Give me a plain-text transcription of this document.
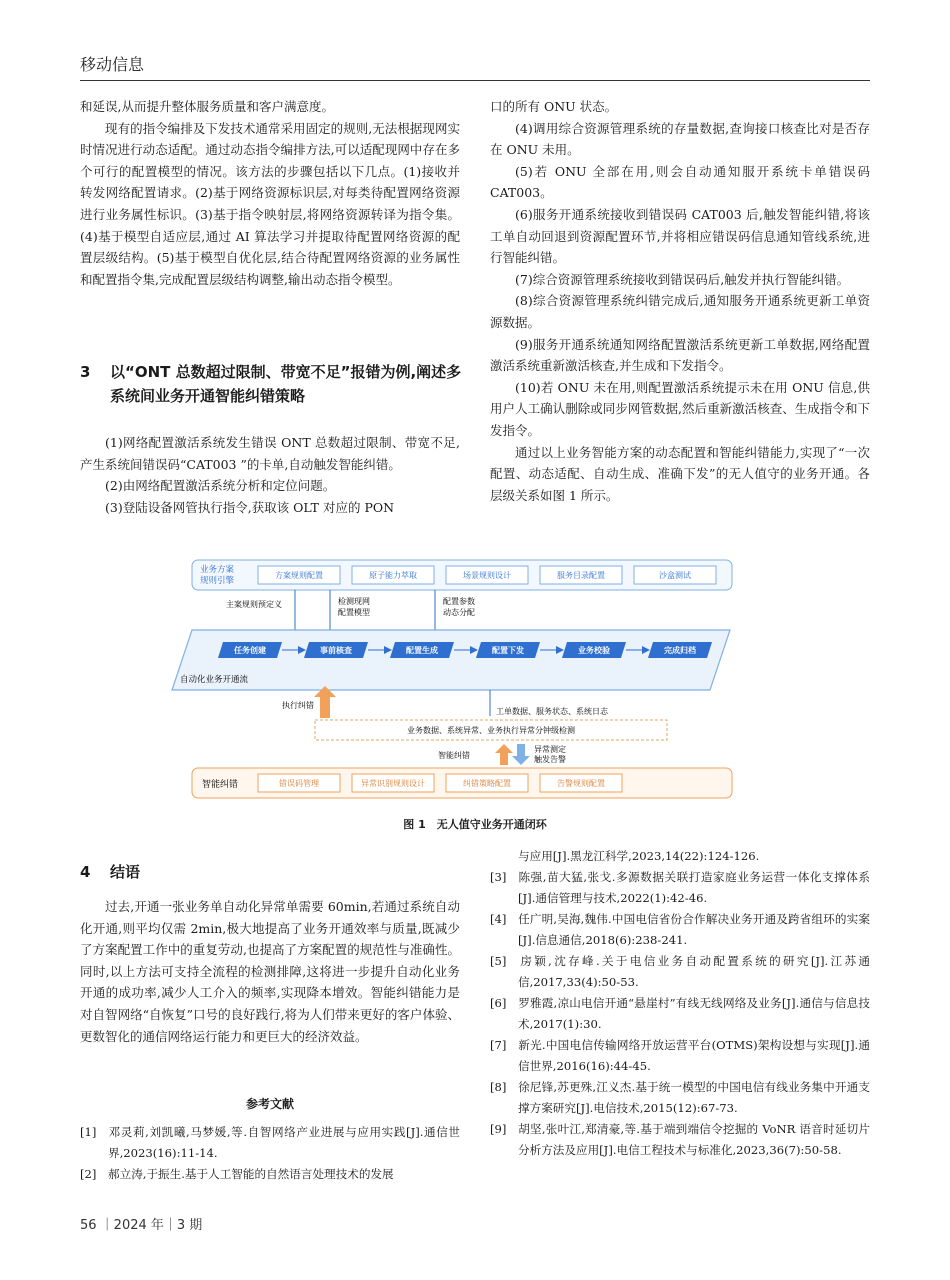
移动信息

和延误,从而提升整体服务质量和客户满意度。

现有的指令编排及下发技术通常采用固定的规则,无法根据现网实时情况进行动态适配。通过动态指令编排方法,可以适配现网中存在多个可行的配置模型的情况。该方法的步骤包括以下几点。(1)接收并转发网络配置请求。(2)基于网络资源标识层,对每类待配置网络资源进行业务属性标识。(3)基于指令映射层,将网络资源转译为指令集。(4)基于模型自适应层,通过 AI 算法学习并提取待配置网络资源的配置层级结构。(5)基于模型自优化层,结合待配置网络资源的业务属性和配置指令集,完成配置层级结构调整,输出动态指令模型。

3	以“ONT 总数超过限制、带宽不足”报错为例,阐述多系统间业务开通智能纠错策略

(1)网络配置激活系统发生错误 ONT 总数超过限制、带宽不足,产生系统间错误码“CAT003 ”的卡单,自动触发智能纠错。

(2)由网络配置激活系统分析和定位问题。

(3)登陆设备网管执行指令,获取该 OLT 对应的 PON

口的所有 ONU 状态。

(4)调用综合资源管理系统的存量数据,查询接口核查比对是否存在 ONU 未用。

(5)若 ONU 全部在用,则会自动通知服开系统卡单错误码 CAT003。

(6)服务开通系统接收到错误码 CAT003 后,触发智能纠错,将该工单自动回退到资源配置环节,并将相应错误码信息通知管线系统,进行智能纠错。

(7)综合资源管理系统接收到错误码后,触发并执行智能纠错。

(8)综合资源管理系统纠错完成后,通知服务开通系统更新工单资源数据。

(9)服务开通系统通知网络配置激活系统更新工单数据,网络配置激活系统重新激活核查,并生成和下发指令。

(10)若 ONU 未在用,则配置激活系统提示未在用 ONU 信息,供用户人工确认删除或同步网管数据,然后重新激活核查、生成指令和下发指令。

通过以上业务智能方案的动态配置和智能纠错能力,实现了“一次配置、动态适配、自动生成、准确下发”的无人值守的业务开通。各层级关系如图 1 所示。

业务方案
规则引擎
方案规则配置	原子能力萃取	场景规则设计	服务目录配置	沙盒测试
主案规则预定义	检测现网
配置模型
配置参数
动态分配
任务创建	事前核查	配置生成	配置下发	业务校验	完成归档
自动化业务开通流
执行纠错
工单数据、服务状态、系统日志
业务数据、系统异常、业务执行异常分钟级检测
智能纠错
异常测定
触发告警
智能纠错	错误码管理	异常识别规则设计	纠错策略配置	告警规则配置
图 1　无人值守业务开通闭环
4 结语

过去,开通一张业务单自动化异常单需要 60min,若通过系统自动化开通,则平均仅需 2min,极大地提高了业务开通效率与质量,既减少了方案配置工作中的重复劳动,也提高了方案配置的规范性与准确性。同时,以上方法可支持全流程的检测排障,这将进一步提升自动化业务开通的成功率,减少人工介入的频率,实现降本增效。智能纠错能力是对自智网络“自恢复”口号的良好践行,将为人们带来更好的客户体验、更数智化的通信网络运行能力和更巨大的经济效益。

参考文献

[1] 邓灵莉,刘凯曦,马梦媛,等.自智网络产业进展与应用实践[J].通信世界,2023(16):11-14.

[2] 郝立涛,于振生.基于人工智能的自然语言处理技术的发展

与应用[J].黑龙江科学,2023,14(22):124-126.

[3] 陈强,苗大猛,张戈.多源数据关联打造家庭业务运营一体化支撑体系[J].通信管理与技术,2022(1):42-46.

[4] 任广明,吴海,魏伟.中国电信省份合作解决业务开通及跨省组环的实案[J].信息通信,2018(6):238-241.

[5] 房颖,沈存峰.关于电信业务自动配置系统的研究[J].江苏通信,2017,33(4):50-53.

[6] 罗雅霞,凉山电信开通“悬崖村”有线无线网络及业务[J].通信与信息技术,2017(1):30.

[7] 新光.中国电信传输网络开放运营平台(OTMS)架构设想与实现[J].通信世界,2016(16):44-45.

[8] 徐尼锋,苏更殊,江义杰.基于统一模型的中国电信有线业务集中开通支撑方案研究[J].电信技术,2015(12):67-73.

[9] 胡坚,张叶江,郑清豪,等.基于端到端信令挖掘的 VoNR 语音时延切片分析方法及应用[J].电信工程技术与标准化,2023,36(7):50-58.

56 ｜2024 年｜3 期
